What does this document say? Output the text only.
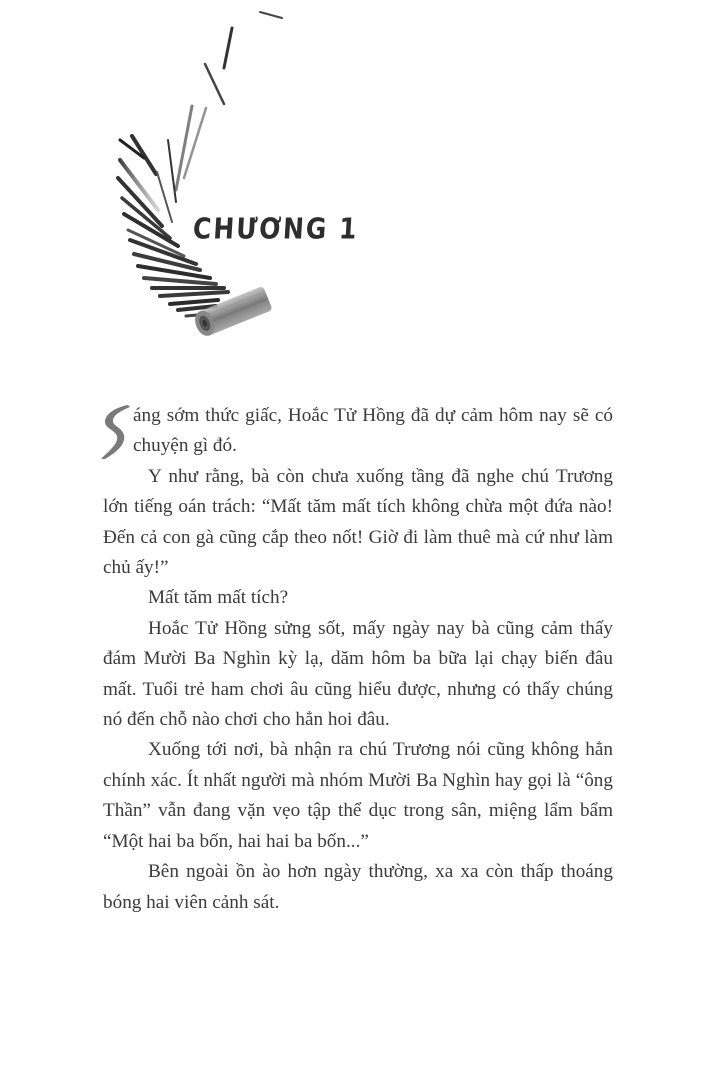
CHƯƠNG 1

áng sớm thức giấc, Hoắc Tử Hồng đã dự cảm hôm nay sẽ có chuyện gì đó.

Y như rằng, bà còn chưa xuống tầng đã nghe chú Trương lớn tiếng oán trách: “Mất tăm mất tích không chừa một đứa nào! Đến cả con gà cũng cắp theo nốt! Giờ đi làm thuê mà cứ như làm chủ ấy!”

Mất tăm mất tích?

Hoắc Tử Hồng sửng sốt, mấy ngày nay bà cũng cảm thấy đám Mười Ba Nghìn kỳ lạ, dăm hôm ba bữa lại chạy biến đâu mất. Tuổi trẻ ham chơi âu cũng hiểu được, nhưng có thấy chúng nó đến chỗ nào chơi cho hẳn hoi đâu.

Xuống tới nơi, bà nhận ra chú Trương nói cũng không hẳn chính xác. Ít nhất người mà nhóm Mười Ba Nghìn hay gọi là “ông Thần” vẫn đang vặn vẹo tập thể dục trong sân, miệng lẩm bẩm “Một hai ba bốn, hai hai ba bốn...”

Bên ngoài ồn ào hơn ngày thường, xa xa còn thấp thoáng bóng hai viên cảnh sát.
